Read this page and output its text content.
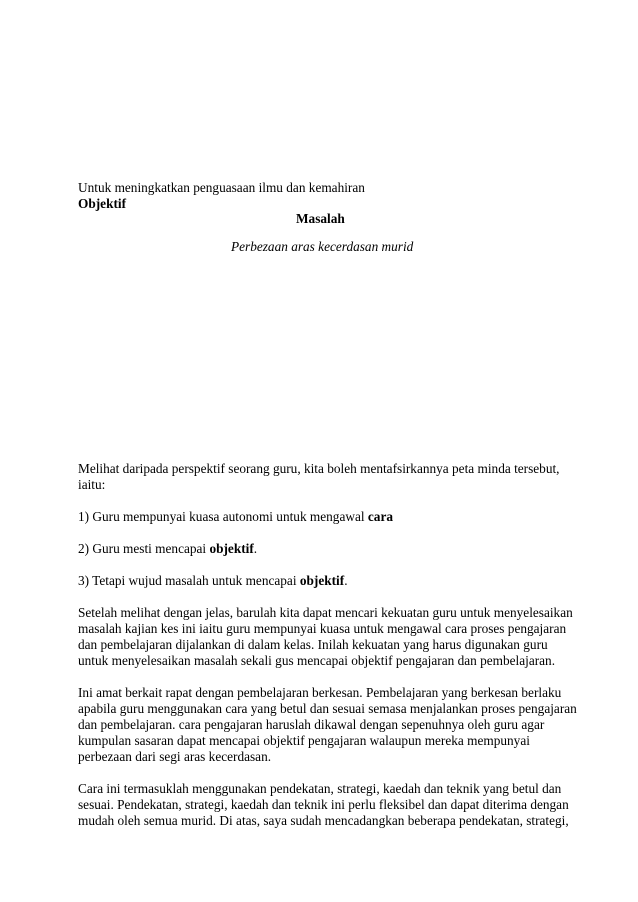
Untuk meningkatkan penguasaan ilmu dan kemahiran
Objektif
Masalah
Perbezaan aras kecerdasan murid

Melihat daripada perspektif seorang guru, kita boleh mentafsirkannya peta minda tersebut,
iaitu:

1) Guru mempunyai kuasa autonomi untuk mengawal cara

2) Guru mesti mencapai objektif.

3) Tetapi wujud masalah untuk mencapai objektif.

Setelah melihat dengan jelas, barulah kita dapat mencari kekuatan guru untuk menyelesaikan
masalah kajian kes ini iaitu guru mempunyai kuasa untuk mengawal cara proses pengajaran
dan pembelajaran dijalankan di dalam kelas. Inilah kekuatan yang harus digunakan guru
untuk menyelesaikan masalah sekali gus mencapai objektif pengajaran dan pembelajaran.

Ini amat berkait rapat dengan pembelajaran berkesan. Pembelajaran yang berkesan berlaku
apabila guru menggunakan cara yang betul dan sesuai semasa menjalankan proses pengajaran
dan pembelajaran. cara pengajaran haruslah dikawal dengan sepenuhnya oleh guru agar
kumpulan sasaran dapat mencapai objektif pengajaran walaupun mereka mempunyai
perbezaan dari segi aras kecerdasan.

Cara ini termasuklah menggunakan pendekatan, strategi, kaedah dan teknik yang betul dan
sesuai. Pendekatan, strategi, kaedah dan teknik ini perlu fleksibel dan dapat diterima dengan
mudah oleh semua murid. Di atas, saya sudah mencadangkan beberapa pendekatan, strategi,
